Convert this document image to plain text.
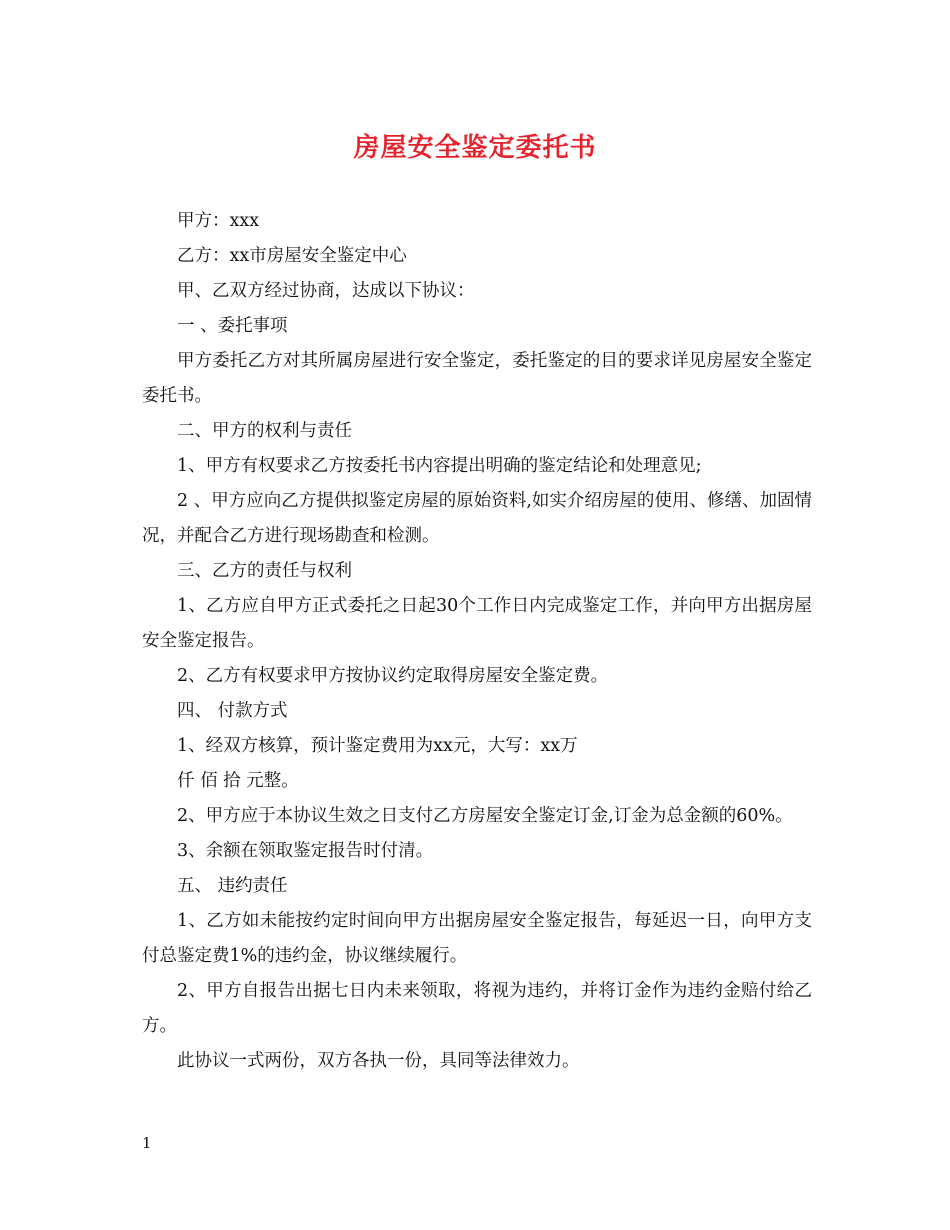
房屋安全鉴定委托书

甲方：xxx

乙方：xx市房屋安全鉴定中心

甲、乙双方经过协商，达成以下协议：

一 、委托事项

甲方委托乙方对其所属房屋进行安全鉴定，委托鉴定的目的要求详见房屋安全鉴定委托书。

二、甲方的权利与责任

1、甲方有权要求乙方按委托书内容提出明确的鉴定结论和处理意见;

2 、甲方应向乙方提供拟鉴定房屋的原始资料,如实介绍房屋的使用、修缮、加固情况，并配合乙方进行现场勘查和检测。

三、乙方的责任与权利

1、乙方应自甲方正式委托之日起30个工作日内完成鉴定工作，并向甲方出据房屋安全鉴定报告。

2、乙方有权要求甲方按协议约定取得房屋安全鉴定费。

四、 付款方式

1、经双方核算，预计鉴定费用为xx元，大写：xx万

仟 佰 拾 元整。

2、甲方应于本协议生效之日支付乙方房屋安全鉴定订金,订金为总金额的60%。

3、余额在领取鉴定报告时付清。

五、 违约责任

1、乙方如未能按约定时间向甲方出据房屋安全鉴定报告，每延迟一日，向甲方支付总鉴定费1%的违约金，协议继续履行。

2、甲方自报告出据七日内未来领取，将视为违约，并将订金作为违约金赔付给乙方。

此协议一式两份，双方各执一份，具同等法律效力。

1
